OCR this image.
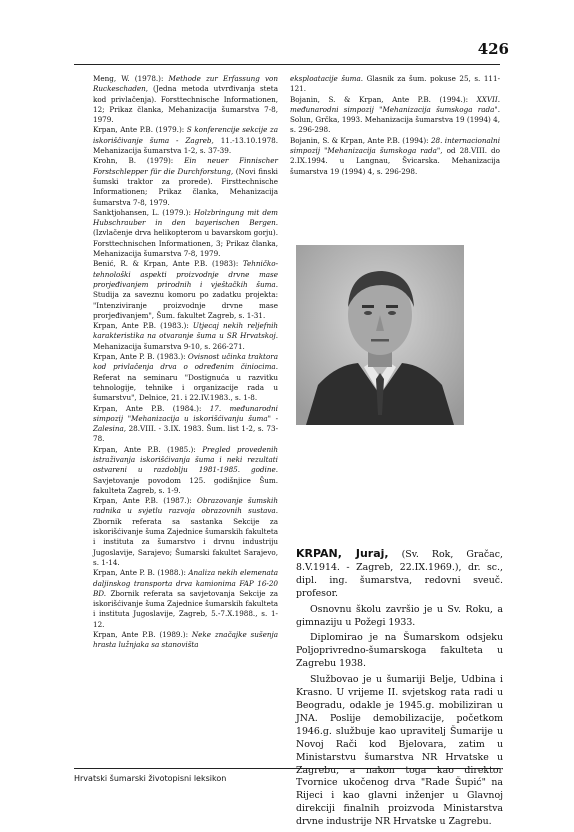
426

Meng, W. (1978.): Methode zur Erfassung von Ruckeschaden, (Jedna metoda utvrđivanja steta kod privlačenja). Forsttechnische Informationen, 12; Prikaz članka, Mehanizacija šumarstva 7-8, 1979.

Krpan, Ante P.B. (1979.): S konferencije sekcije za iskoriščivanje šuma - Zagreb, 11.-13.10.1978. Mehanizacija šumarstva 1-2, s. 37-39.

Krohn, B. (1979): Ein neuer Finnischer Forstschlepper für die Durchforstung, (Novi finski šumski traktor za prorede). Firsttechnische Informationen; Prikaz članka, Mehanizacija šumarstva 7-8, 1979.

Sanktjohansen, L. (1979.): Holzbringung mit dem Hubschrauber in den bayerischen Bergen. (Izvlačenje drva helikopterom u bavarskom gorju). Forsttechnischen Informationen, 3; Prikaz članka, Mehanizacija šumarstva 7-8, 1979.

Benić, R. & Krpan, Ante P.B. (1983): Tehničko-tehnološki aspekti proizvodnje drvne mase prorjeđivanjem prirodnih i vještačkih šuma. Studija za saveznu komoru po zadatku projekta: "Intenziviranje proizvodnje drvne mase prorjeđivanjem", Šum. fakultet Zagreb, s. 1-31.

Krpan, Ante P.B. (1983.): Utjecaj nekih reljefnih karakteristika na otvaranje šuma u SR Hrvatskoj. Mehanizacija šumarstva 9-10, s. 266-271.

Krpan, Ante P. B. (1983.): Ovisnost učinka traktora kod privlačenja drva o određenim činiocima. Referat na seminaru "Dostignuća u razvitku tehnologije, tehnike i organizacije rada u šumarstvu", Delnice, 21. i 22.IV.1983., s. 1-8.

Krpan, Ante P.B. (1984.): 17. međunarodni simpozij "Mehanizacija u iskorišćivanju šuma" - Zalesina, 28.VIII. - 3.IX. 1983. Šum. list 1-2, s. 73-78.

Krpan, Ante P.B. (1985.): Pregled provedenih istraživanja iskorišćivanja šuma i neki rezultati ostvareni u razdoblju 1981-1985. godine. Savjetovanje povodom 125. godišnjice Šum. fakulteta Zagreb, s. 1-9.

Krpan, Ante P.B. (1987.): Obrazovanje šumskih radnika u svjetlu razvoja obrazovnih sustava. Zbornik referata sa sastanka Sekcije za iskorišćivanje šuma Zajednice šumarskih fakulteta i instituta za šumarstvo i drvnu industriju Jugoslavije, Sarajevo; Šumarski fakultet Sarajevo, s. 1-14.

Krpan, Ante P. B. (1988.): Analiza nekih elemenata daljinskog transporta drva kamionima FAP 16-20 BD. Zbornik referata sa savjetovanja Sekcije za iskorišćivanje šuma Zajednice šumarskih fakulteta i instituta Jugoslavije, Zagreb, 5.-7.X.1988., s. 1-12.

Krpan, Ante P.B. (1989.): Neke značajke sušenja hrasta lužnjaka sa stanovišta

eksploatacije šuma. Glasnik za šum. pokuse 25, s. 111-121.

Bojanin, S. & Krpan, Ante P.B. (1994.): XXVII. međunarodni simpozij "Mehanizacija šumskoga rada". Solun, Grčka, 1993. Mehanizacija šumarstva 19 (1994) 4, s. 296-298.

Bojanin, S. & Krpan, Ante P.B. (1994): 28. internacionalni simpozij "Mehanizacija šumskoga rada", od 28.VIII. do 2.IX.1994. u Langnau, Švicarska. Mehanizacija šumarstva 19 (1994) 4, s. 296-298.

KRPAN, Juraj, (Sv. Rok, Gračac, 8.V.1914. - Zagreb, 22.IX.1969.), dr. sc., dipl. ing. šumarstva, redovni sveuč. profesor.

Osnovnu školu završio je u Sv. Roku, a gimnaziju u Požegi 1933.

Diplomirao je na Šumarskom odsjeku Poljoprivredno-šumarskoga fakulteta u Zagrebu 1938.

Službovao je u šumariji Belje, Udbina i Krasno. U vrijeme II. svjetskog rata radi u Beogradu, odakle je 1945.g. mobiliziran u JNA. Poslije demobilizacije, početkom 1946.g. službuje kao upravitelj Šumarije u Novoj Rači kod Bjelovara, zatim u Ministarstvu šumarstva NR Hrvatske u Zagrebu, a nakon toga kao direktor Tvornice ukočenog drva "Rade Šupić" na Rijeci i kao glavni inženjer u Glavnoj direkciji finalnih proizvoda Ministarstva drvne industrije NR Hrvatske u Zagrebu.

Hrvatski šumarski životopisni leksikon
